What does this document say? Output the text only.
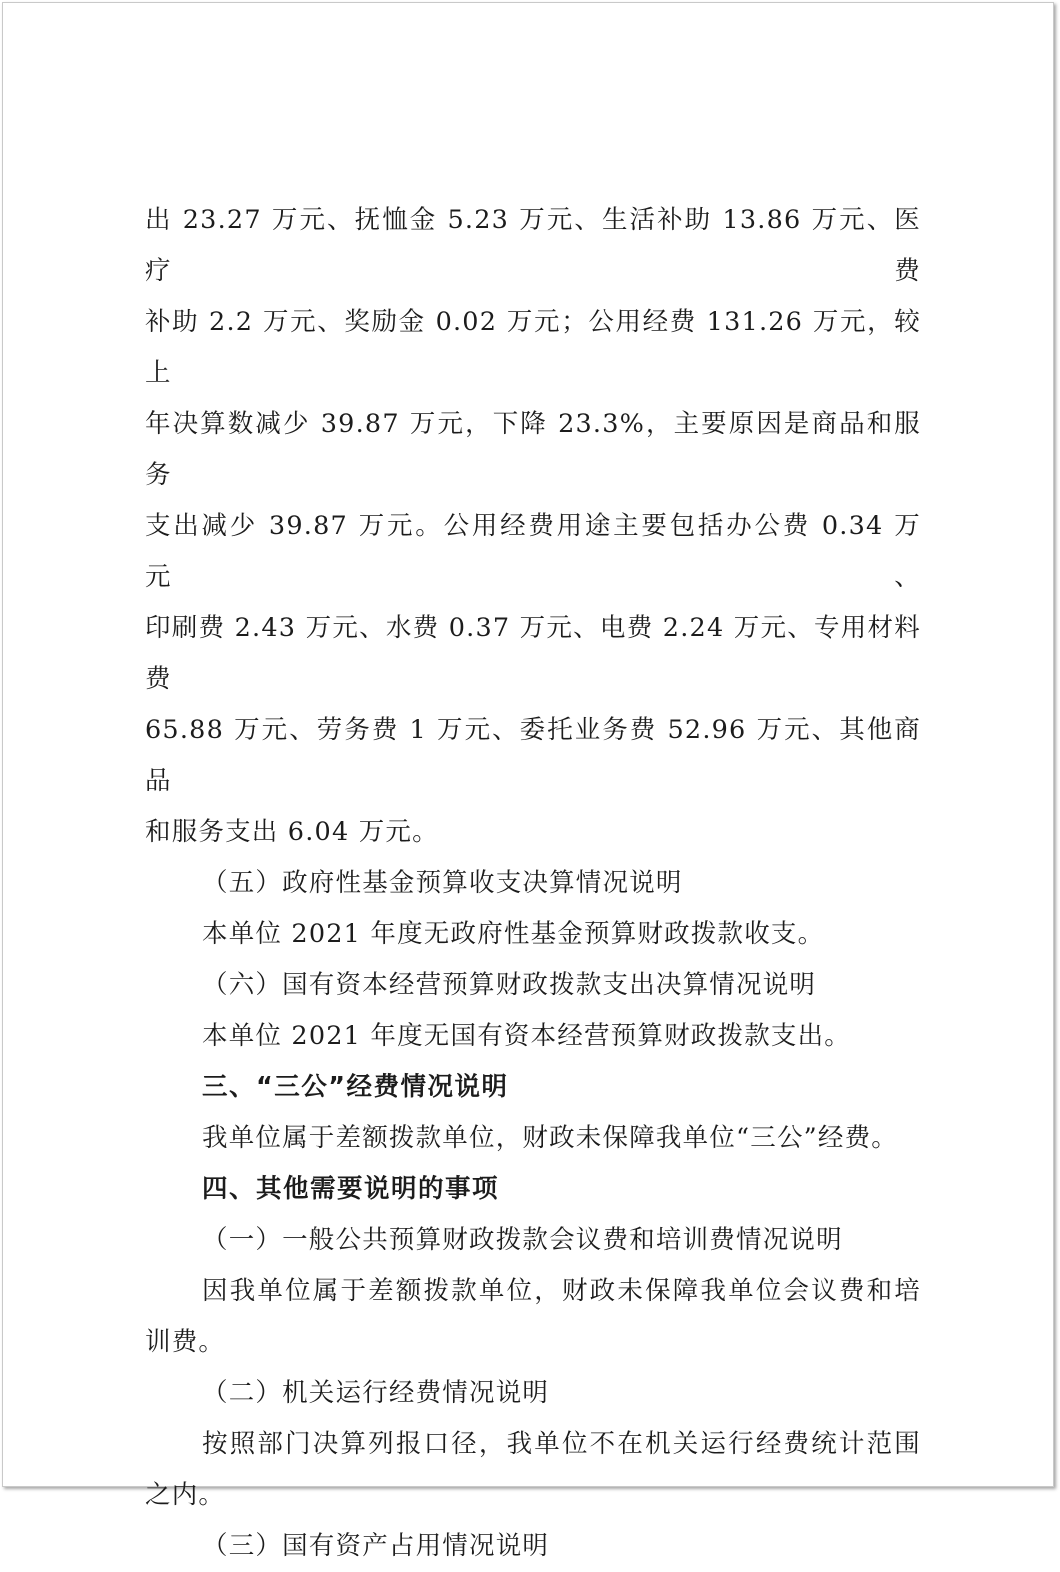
出 23.27 万元、抚恤金 5.23 万元、生活补助 13.86 万元、医疗费
补助 2.2 万元、奖励金 0.02 万元；公用经费 131.26 万元，较上
年决算数减少 39.87 万元，下降 23.3%，主要原因是商品和服务
支出减少 39.87 万元。公用经费用途主要包括办公费 0.34 万元、
印刷费 2.43 万元、水费 0.37 万元、电费 2.24 万元、专用材料费
65.88 万元、劳务费 1 万元、委托业务费 52.96 万元、其他商品
和服务支出 6.04 万元。

（五）政府性基金预算收支决算情况说明

本单位 2021 年度无政府性基金预算财政拨款收支。

（六）国有资本经营预算财政拨款支出决算情况说明

本单位 2021 年度无国有资本经营预算财政拨款支出。

三、“三公”经费情况说明

我单位属于差额拨款单位，财政未保障我单位“三公”经费。

四、其他需要说明的事项

（一）一般公共预算财政拨款会议费和培训费情况说明

因我单位属于差额拨款单位，财政未保障我单位会议费和培
训费。

（二）机关运行经费情况说明

按照部门决算列报口径，我单位不在机关运行经费统计范围
之内。

（三）国有资产占用情况说明
